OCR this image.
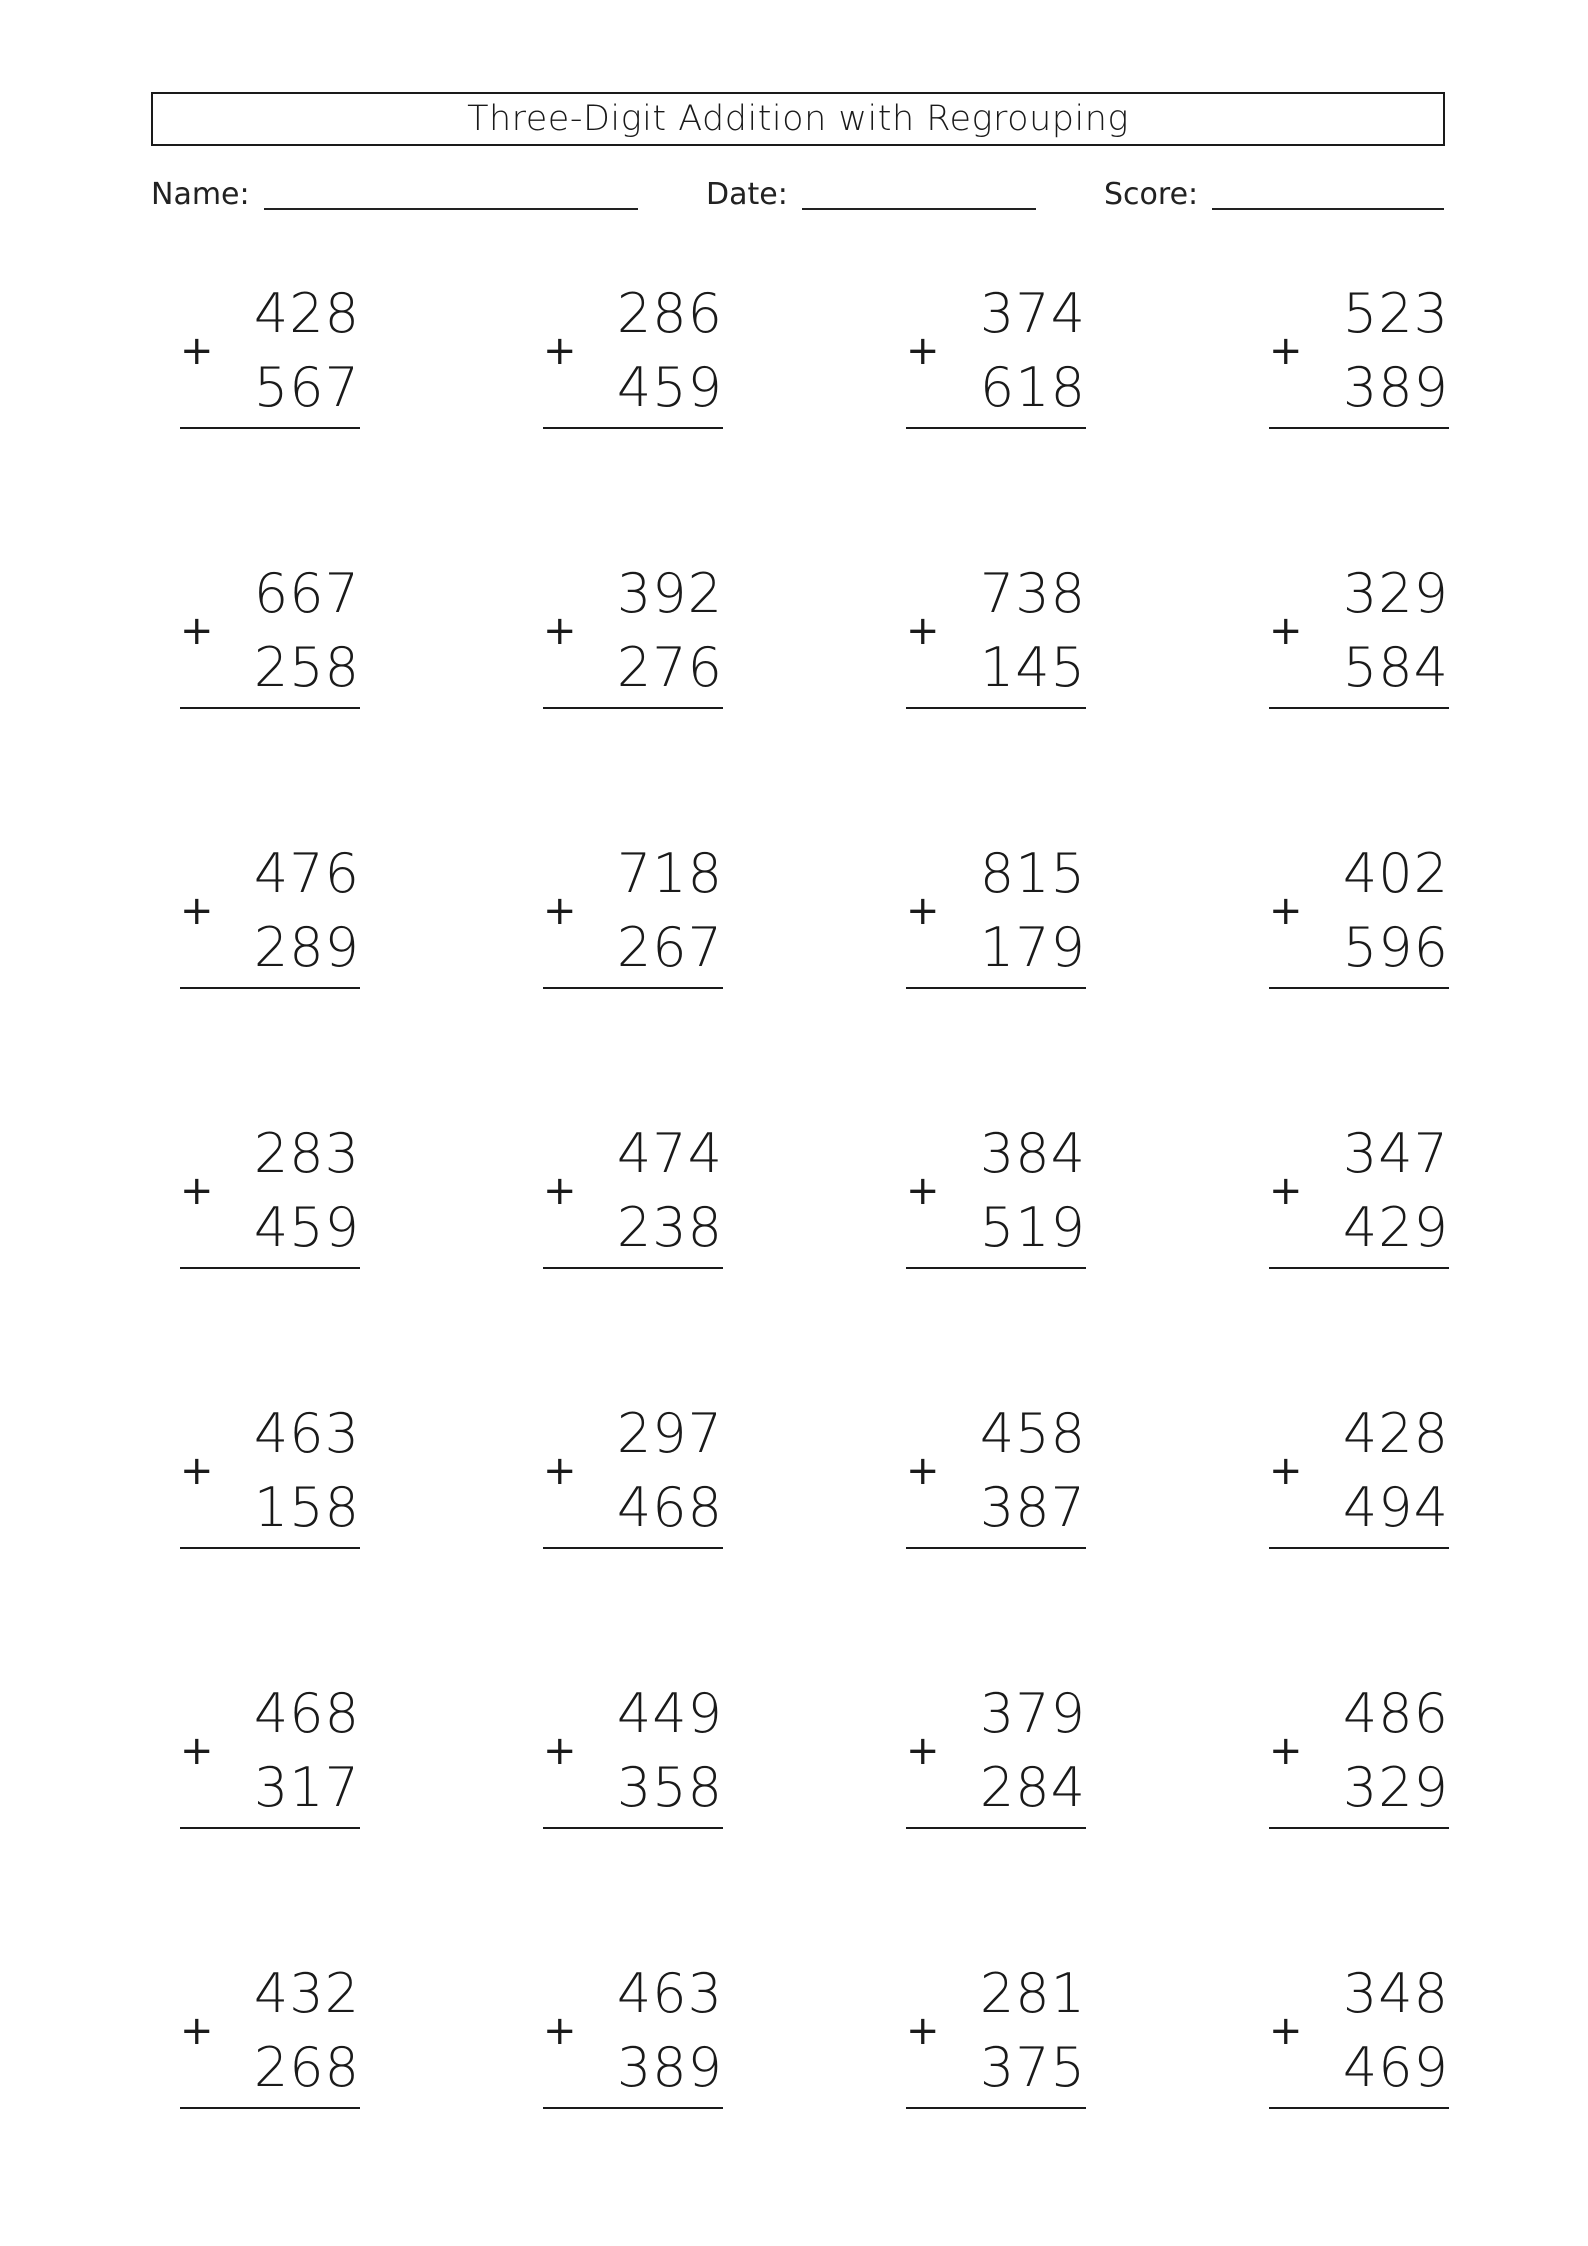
Three-Digit Addition with Regrouping
Name:	Date:	Score:
+
428
567
+
286
459
+
374
618
+
523
389
+
667
258
+
392
276
+
738
145
+
329
584
+
476
289
+
718
267
+
815
179
+
402
596
+
283
459
+
474
238
+
384
519
+
347
429
+
463
158
+
297
468
+
458
387
+
428
494
+
468
317
+
449
358
+
379
284
+
486
329
+
432
268
+
463
389
+
281
375
+
348
469
